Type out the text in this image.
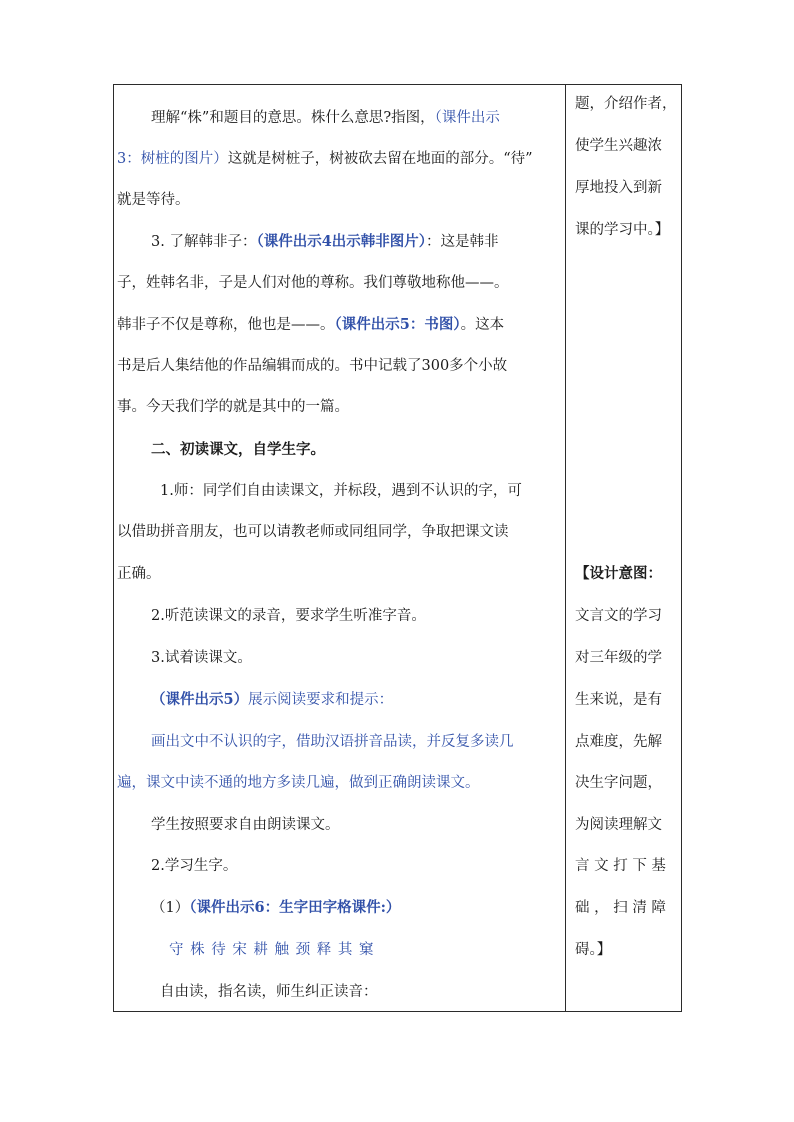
理解“株”和题目的意思。株什么意思?指图，（课件出示
3：树桩的图片）这就是树桩子，树被砍去留在地面的部分。“待”
就是等待。
3. 了解韩非子：（课件出示4出示韩非图片）：这是韩非
子，姓韩名非，子是人们对他的尊称。我们尊敬地称他——。
韩非子不仅是尊称，他也是——。（课件出示5：书图）。这本
书是后人集结他的作品编辑而成的。书中记载了300多个小故
事。今天我们学的就是其中的一篇。
二、初读课文，自学生字。
1.师：同学们自由读课文，并标段，遇到不认识的字，可
以借助拼音朋友，也可以请教老师或同组同学，争取把课文读
正确。
2.听范读课文的录音，要求学生听准字音。
3.试着读课文。
（课件出示5）展示阅读要求和提示：
画出文中不认识的字，借助汉语拼音品读，并反复多读几
遍，课文中读不通的地方多读几遍，做到正确朗读课文。
学生按照要求自由朗读课文。
2.学习生字。
（1）（课件出示6：生字田字格课件:）
守 株 待 宋 耕 触 颈 释 其 窠
自由读，指名读，师生纠正读音：
题，介绍作者，
使学生兴趣浓
厚地投入到新
课的学习中。】
【设计意图：
文言文的学习
对三年级的学
生来说，是有
点难度，先解
决生字问题，
为阅读理解文
言 文 打 下 基
础 ， 扫 清 障
碍。】
